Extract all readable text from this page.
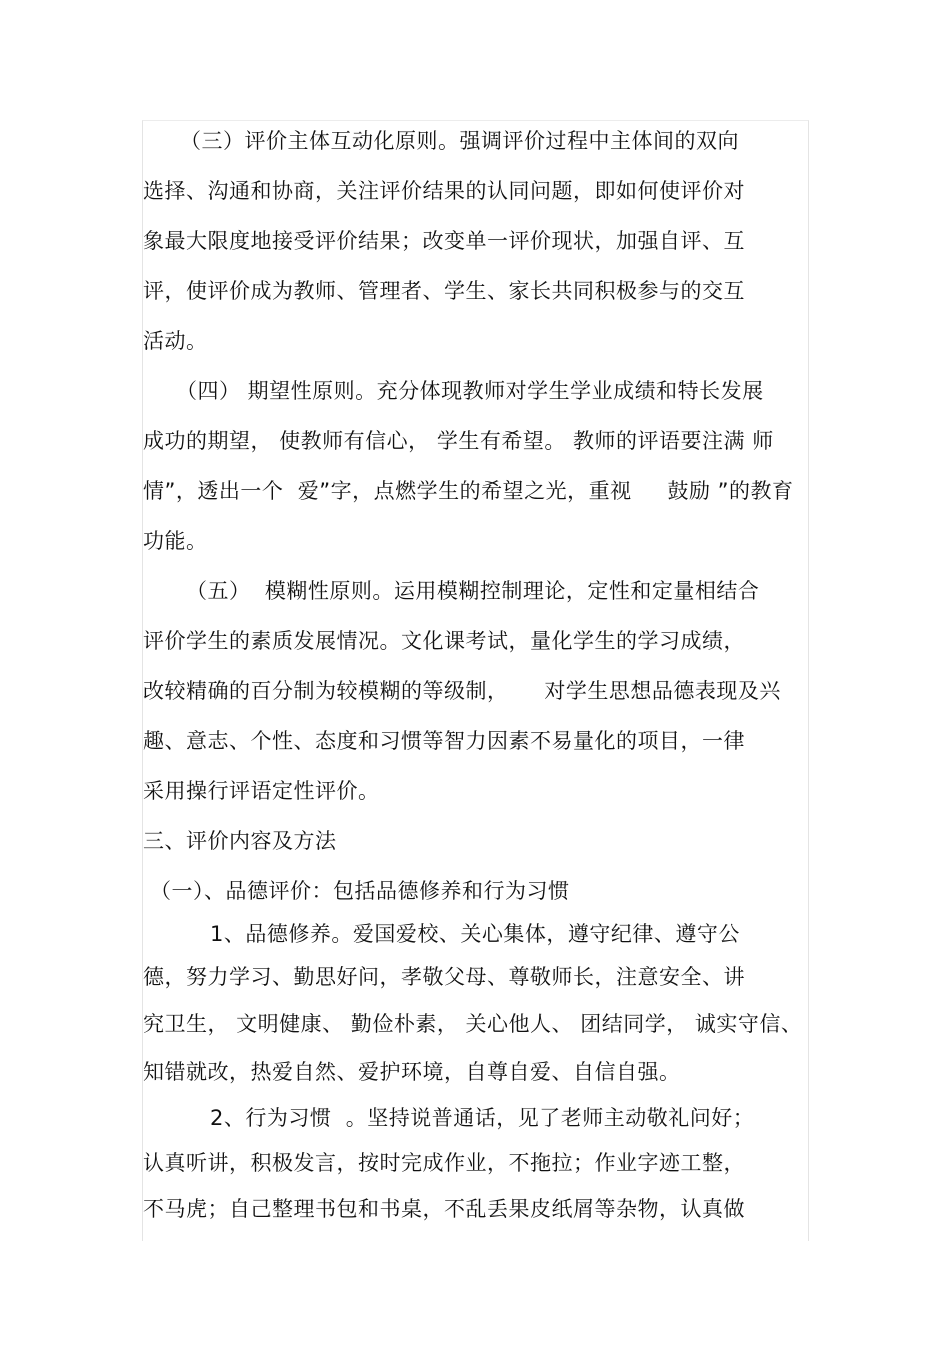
（三）评价主体互动化原则。强调评价过程中主体间的双向
选择、沟通和协商，关注评价结果的认同问题，即如何使评价对
象最大限度地接受评价结果；改变单一评价现状，加强自评、互
评，使评价成为教师、管理者、学生、家长共同积极参与的交互
活动。
（四） 期望性原则。充分体现教师对学生学业成绩和特长发展
成功的期望， 使教师有信心， 学生有希望。 教师的评语要注满 师
情”，透出一个  爱”字，点燃学生的希望之光，重视     鼓励 ”的教育
功能。
（五）  模糊性原则。运用模糊控制理论，定性和定量相结合
评价学生的素质发展情况。文化课考试，量化学生的学习成绩，
改较精确的百分制为较模糊的等级制，     对学生思想品德表现及兴
趣、意志、个性、态度和习惯等智力因素不易量化的项目，一律
采用操行评语定性评价。
三、评价内容及方法
（一）、品德评价：包括品德修养和行为习惯
1、品德修养。爱国爱校、关心集体，遵守纪律、遵守公
德，努力学习、勤思好问，孝敬父母、尊敬师长，注意安全、讲
究卫生， 文明健康、 勤俭朴素， 关心他人、 团结同学， 诚实守信、
知错就改，热爱自然、爱护环境，自尊自爱、自信自强。
2、行为习惯  。坚持说普通话，见了老师主动敬礼问好；
认真听讲，积极发言，按时完成作业，不拖拉；作业字迹工整，
不马虎；自己整理书包和书桌，不乱丢果皮纸屑等杂物，认真做
